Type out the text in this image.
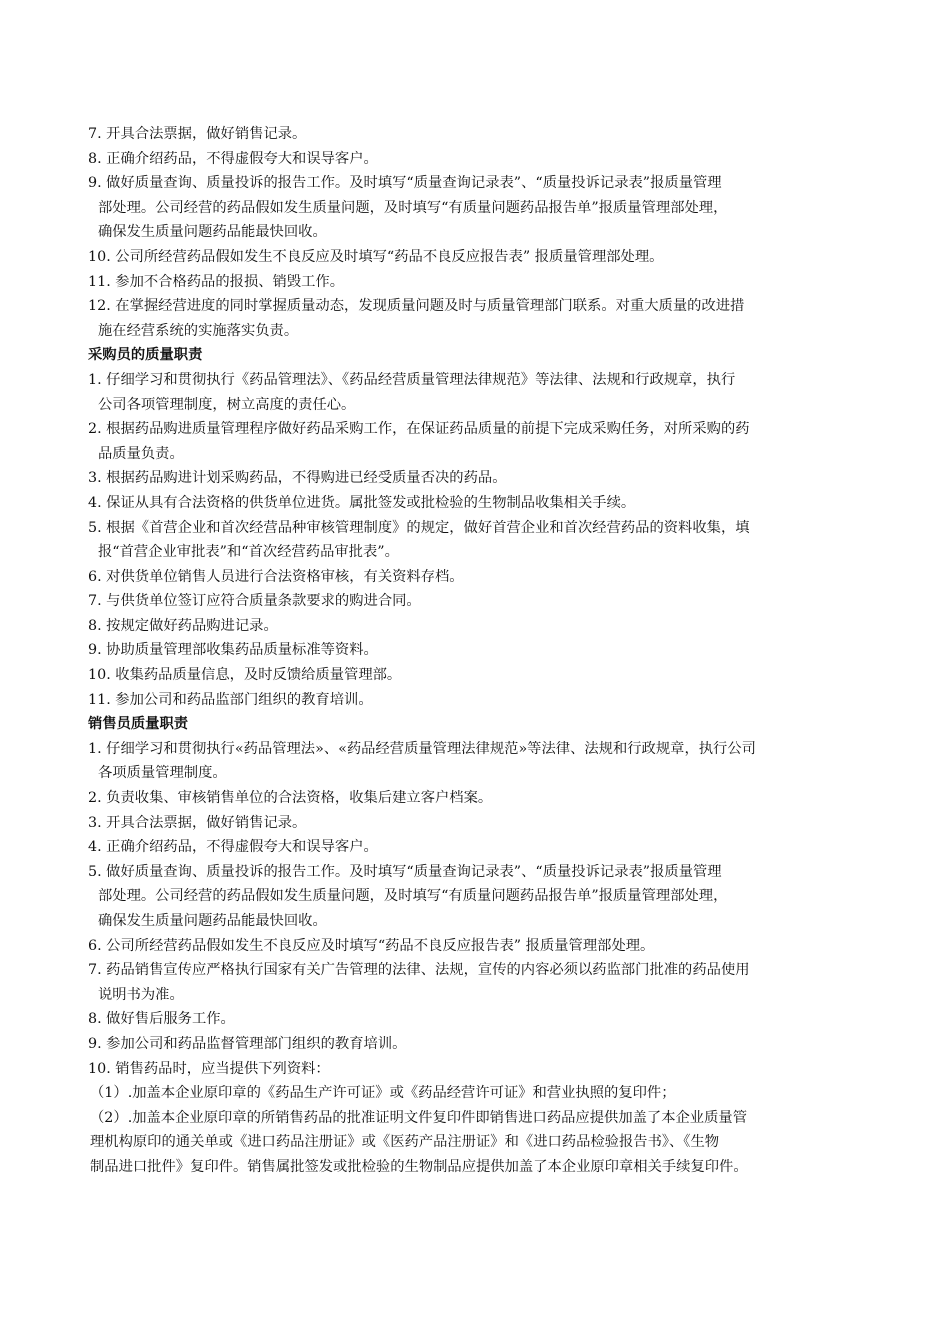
7. 开具合法票据，做好销售记录。
8. 正确介绍药品，不得虚假夸大和误导客户。
9. 做好质量查询、质量投诉的报告工作。及时填写“质量查询记录表”、“质量投诉记录表”报质量管理
部处理。公司经营的药品假如发生质量问题，及时填写“有质量问题药品报告单”报质量管理部处理，
确保发生质量问题药品能最快回收。
10. 公司所经营药品假如发生不良反应及时填写“药品不良反应报告表” 报质量管理部处理。
11. 参加不合格药品的报损、销毁工作。
12. 在掌握经营进度的同时掌握质量动态，发现质量问题及时与质量管理部门联系。对重大质量的改进措
施在经营系统的实施落实负责。
采购员的质量职责
1. 仔细学习和贯彻执行《药品管理法》、《药品经营质量管理法律规范》等法律、法规和行政规章，执行
公司各项管理制度，树立高度的责任心。
2. 根据药品购进质量管理程序做好药品采购工作，在保证药品质量的前提下完成采购任务，对所采购的药
品质量负责。
3. 根据药品购进计划采购药品，不得购进已经受质量否决的药品。
4. 保证从具有合法资格的供货单位进货。属批签发或批检验的生物制品收集相关手续。
5. 根据《首营企业和首次经营品种审核管理制度》的规定，做好首营企业和首次经营药品的资料收集，填
报“首营企业审批表”和“首次经营药品审批表”。
6. 对供货单位销售人员进行合法资格审核，有关资料存档。
7. 与供货单位签订应符合质量条款要求的购进合同。
8. 按规定做好药品购进记录。
9. 协助质量管理部收集药品质量标准等资料。
10. 收集药品质量信息，及时反馈给质量管理部。
11. 参加公司和药品监部门组织的教育培训。
销售员质量职责
1. 仔细学习和贯彻执行«药品管理法»、«药品经营质量管理法律规范»等法律、法规和行政规章，执行公司
各项质量管理制度。
2. 负责收集、审核销售单位的合法资格，收集后建立客户档案。
3. 开具合法票据，做好销售记录。
4. 正确介绍药品，不得虚假夸大和误导客户。
5. 做好质量查询、质量投诉的报告工作。及时填写“质量查询记录表”、“质量投诉记录表”报质量管理
部处理。公司经营的药品假如发生质量问题，及时填写“有质量问题药品报告单”报质量管理部处理，
确保发生质量问题药品能最快回收。
6. 公司所经营药品假如发生不良反应及时填写“药品不良反应报告表” 报质量管理部处理。
7. 药品销售宣传应严格执行国家有关广告管理的法律、法规，宣传的内容必须以药监部门批准的药品使用
说明书为准。
8. 做好售后服务工作。
9. 参加公司和药品监督管理部门组织的教育培训。
10. 销售药品时，应当提供下列资料：
（1）.加盖本企业原印章的《药品生产许可证》或《药品经营许可证》和营业执照的复印件；
（2）.加盖本企业原印章的所销售药品的批准证明文件复印件即销售进口药品应提供加盖了本企业质量管
理机构原印的通关单或《进口药品注册证》或《医药产品注册证》和《进口药品检验报告书》、《生物
制品进口批件》复印件。销售属批签发或批检验的生物制品应提供加盖了本企业原印章相关手续复印件。
